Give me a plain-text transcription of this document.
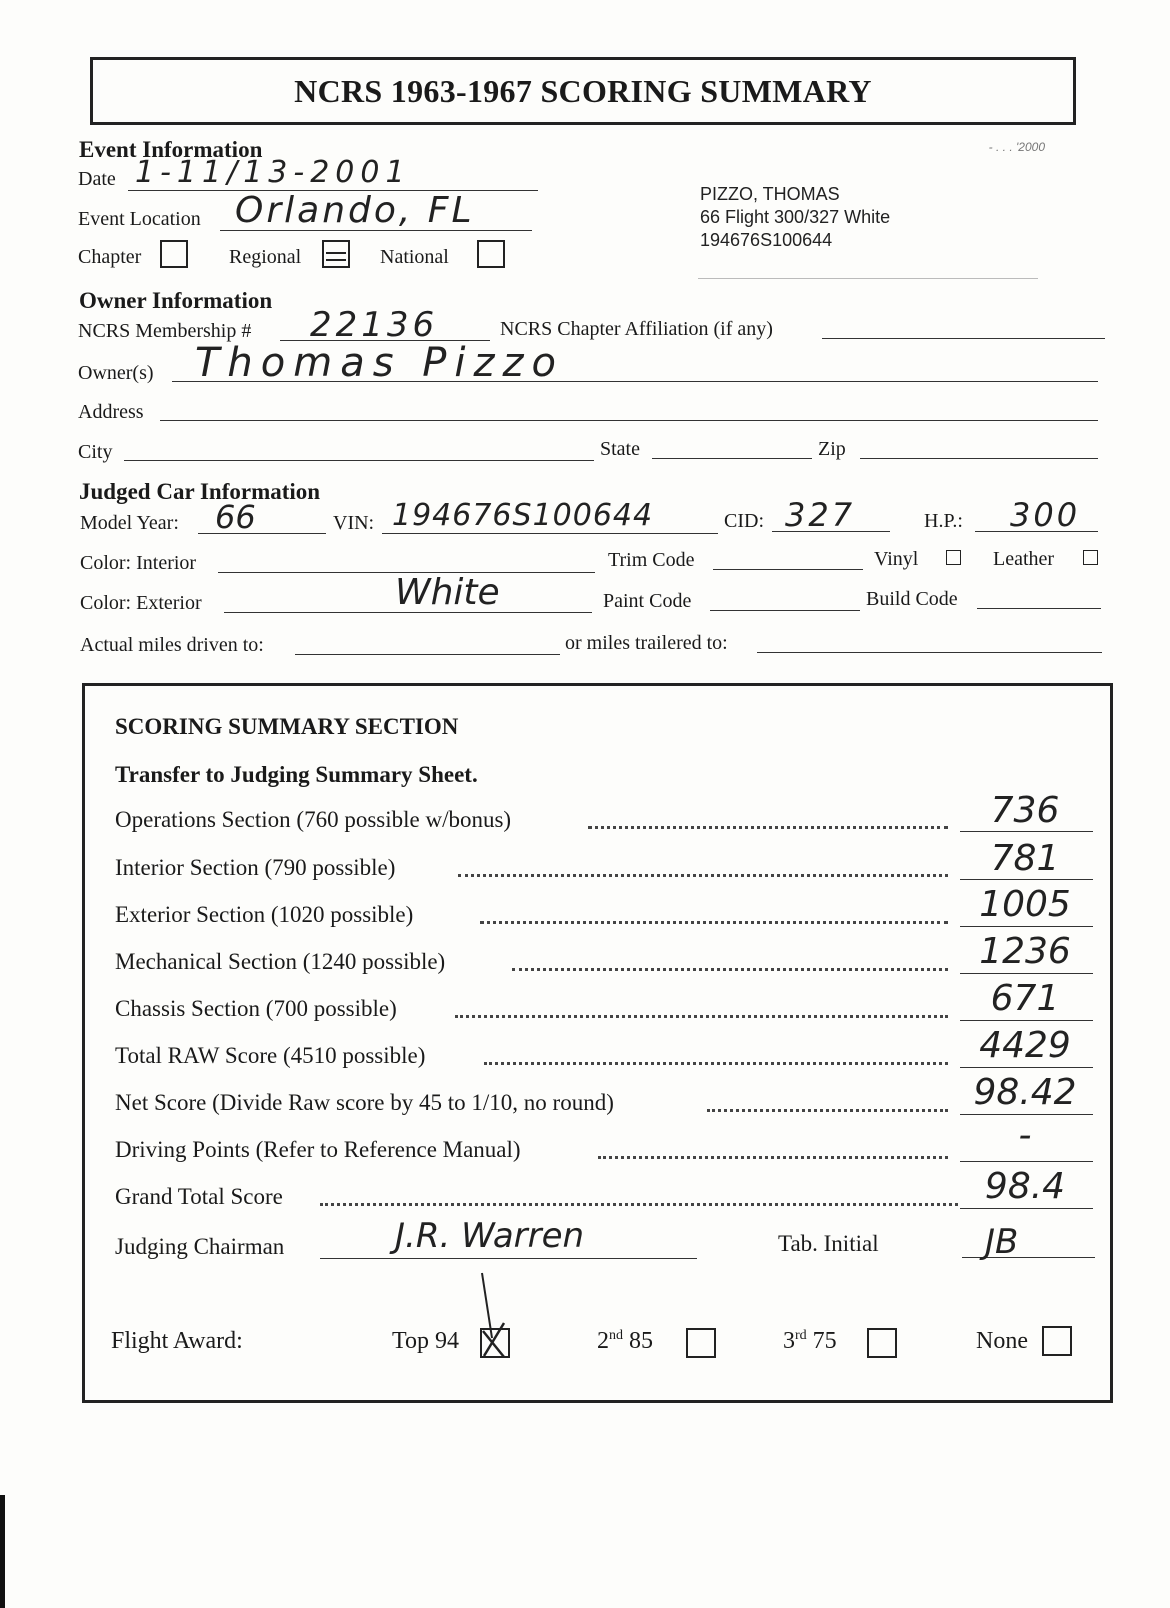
NCRS 1963-1967 SCORING SUMMARY
- . . . '2000
Event Information
Date 1-11/13-2001
Event Location Orlando, FL
Chapter	Regional	National
PIZZO, THOMAS
66 Flight 300/327 White
194676S100644
Owner Information
NCRS Membership # 22136	NCRS Chapter Affiliation (if any)
Owner(s) Thomas Pizzo
Address
City	State	Zip
Judged Car Information
Model Year: 66	VIN: 194676S100644	CID: 327	H.P.: 300
Color: Interior	Trim Code	Vinyl	Leather
Color: Exterior	White	Paint Code	Build Code
Actual miles driven to:	or miles trailered to:
SCORING SUMMARY SECTION
Transfer to Judging Summary Sheet.
Operations Section (760 possible w/bonus)	736
Interior Section (790 possible)	781
Exterior Section (1020 possible)	1005
Mechanical Section (1240 possible)	1236
Chassis Section (700 possible)	671
Total RAW Score (4510 possible)	4429
Net Score (Divide Raw score by 45 to 1/10, no round)	98.42
Driving Points (Refer to Reference Manual)	-
Grand Total Score	98.4
Judging Chairman	J.R. Warren	Tab. Initial	JB
Flight Award:	Top 94	2nd 85	3rd 75	None
